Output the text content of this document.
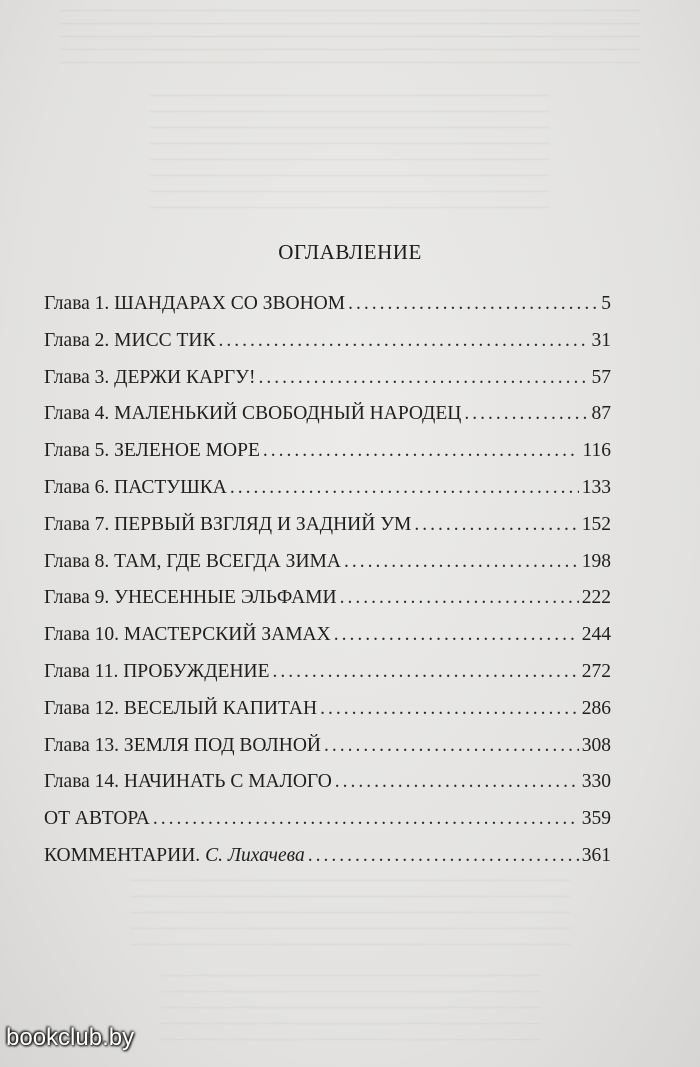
ОГЛАВЛЕНИЕ
Глава 1. ШАНДАРАХ СО ЗВОНОМ .....	5
Глава 2. МИСС ТИК .....	31
Глава 3. ДЕРЖИ КАРГУ! .....	57
Глава 4. МАЛЕНЬКИЙ СВОБОДНЫЙ НАРОДЕЦ .....	87
Глава 5. ЗЕЛЕНОЕ МОРЕ .....	116
Глава 6. ПАСТУШКА .....	133
Глава 7. ПЕРВЫЙ ВЗГЛЯД И ЗАДНИЙ УМ .....	152
Глава 8. ТАМ, ГДЕ ВСЕГДА ЗИМА .....	198
Глава 9. УНЕСЕННЫЕ ЭЛЬФАМИ .....	222
Глава 10. МАСТЕРСКИЙ ЗАМАХ .....	244
Глава 11. ПРОБУЖДЕНИЕ .....	272
Глава 12. ВЕСЕЛЫЙ КАПИТАН .....	286
Глава 13. ЗЕМЛЯ ПОД ВОЛНОЙ .....	308
Глава 14. НАЧИНАТЬ С МАЛОГО .....	330
ОТ АВТОРА .....	359
КОММЕНТАРИИ. С. Лихачева .....	361
bookclub.by
